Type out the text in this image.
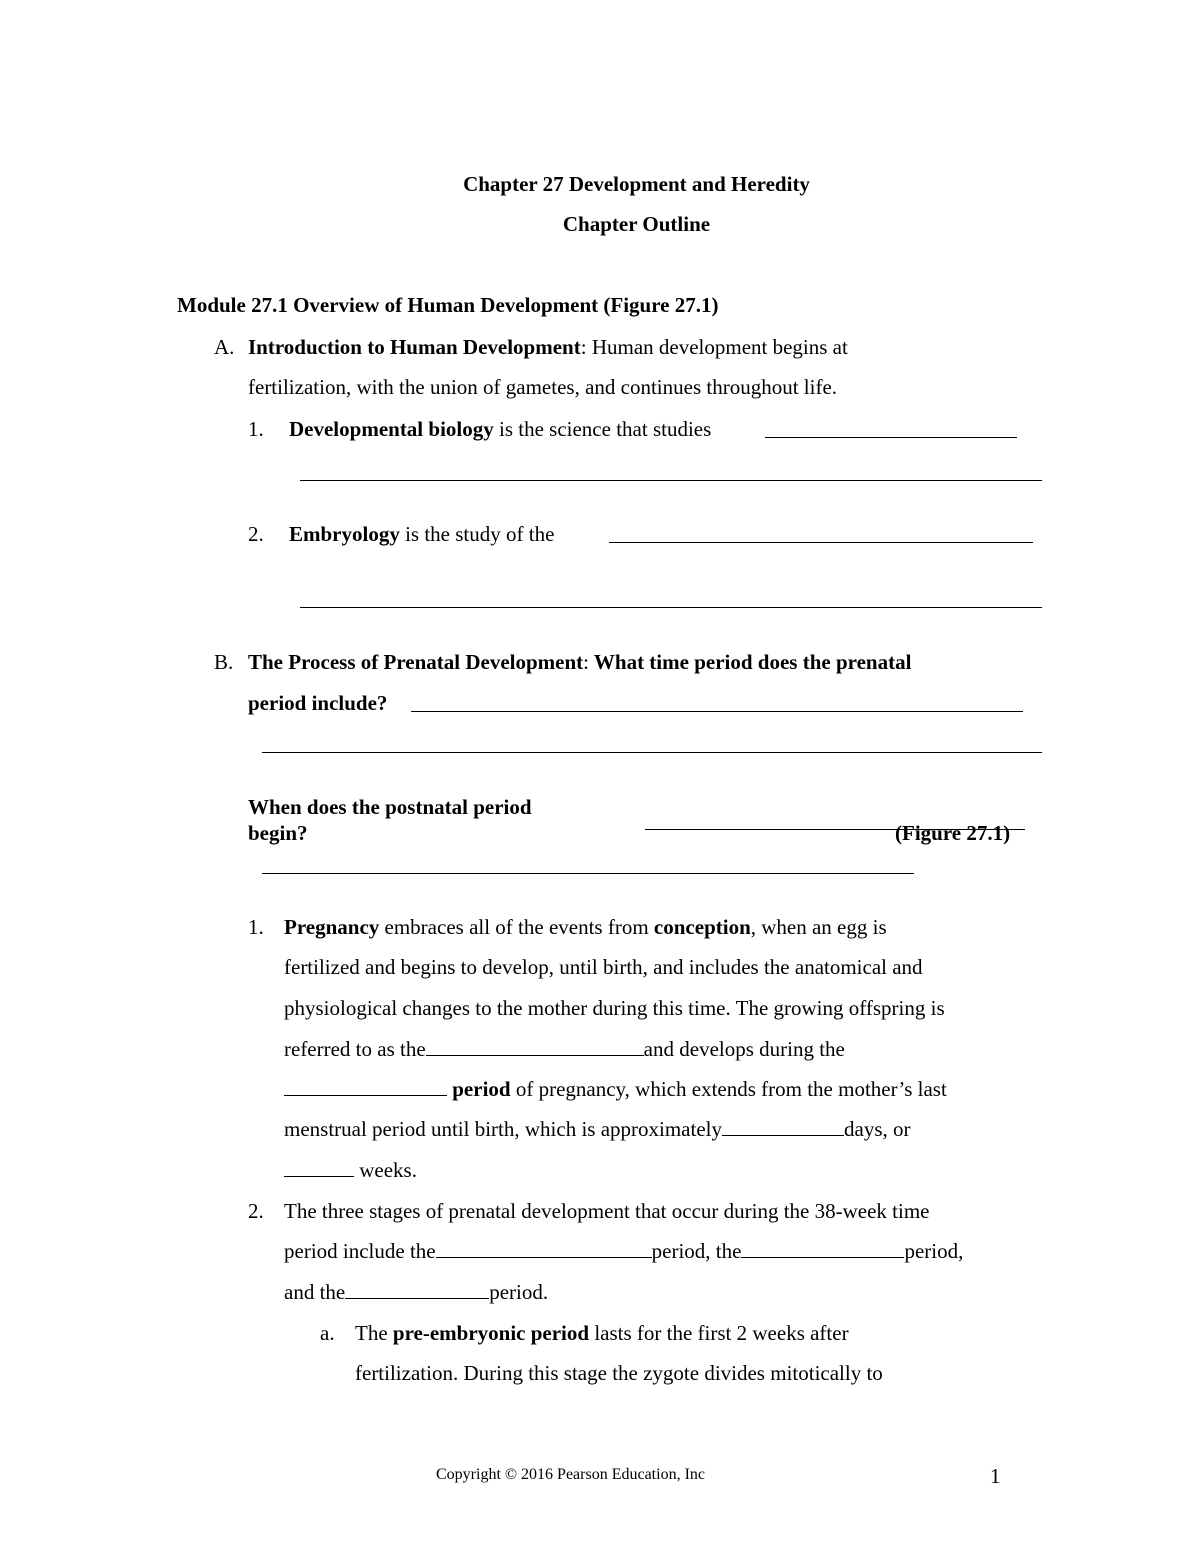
Chapter 27 Development and Heredity
Chapter Outline
Module 27.1 Overview of Human Development (Figure 27.1)
A. Introduction to Human Development: Human development begins at
fertilization, with the union of gametes, and continues throughout life.
1. Developmental biology is the science that studies
2. Embryology is the study of the
B. The Process of Prenatal Development: What time period does the prenatal
period include?
When does the postnatal period
begin?	(Figure 27.1)
1. Pregnancy embraces all of the events from conception, when an egg is
fertilized and begins to develop, until birth, and includes the anatomical and
physiological changes to the mother during this time. The growing offspring is
referred to as the	and develops during the
period of pregnancy, which extends from the mother’s last
menstrual period until birth, which is approximately	days, or
weeks.
2. The three stages of prenatal development that occur during the 38-week time
period include the	period, the	period,
and the	period.
a. The pre-embryonic period lasts for the first 2 weeks after
fertilization. During this stage the zygote divides mitotically to
Copyright © 2016 Pearson Education, Inc	1
